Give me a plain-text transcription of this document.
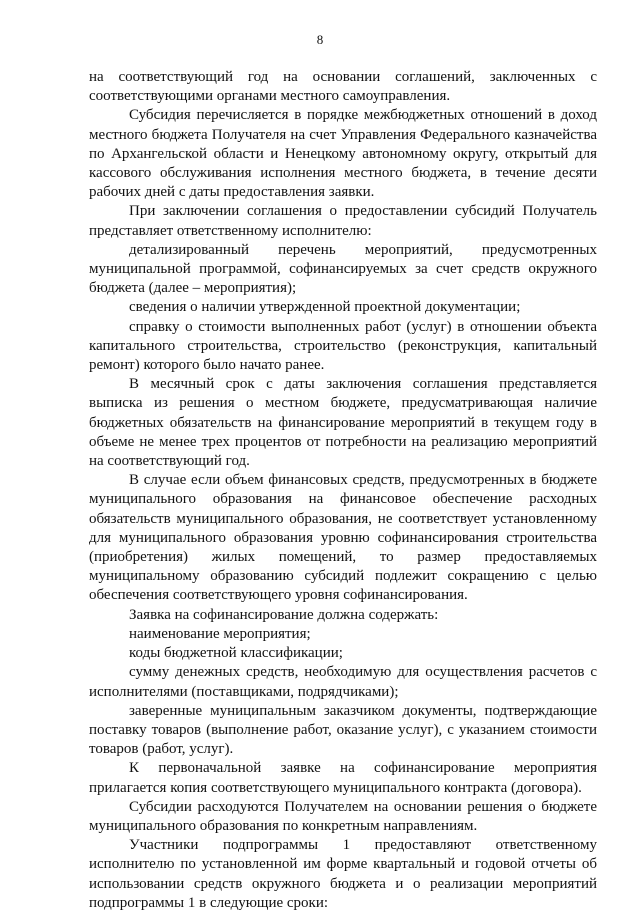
8

на соответствующий год на основании соглашений, заключенных с соответствующими органами местного самоуправления.

Субсидия перечисляется в порядке межбюджетных отношений в доход местного бюджета Получателя на счет Управления Федерального казначейства по Архангельской области и Ненецкому автономному округу, открытый для кассового обслуживания исполнения местного бюджета, в течение десяти рабочих дней с даты предоставления заявки.

При заключении соглашения о предоставлении субсидий Получатель представляет ответственному исполнителю:

детализированный перечень мероприятий, предусмотренных муниципальной программой, софинансируемых за счет средств окружного бюджета (далее – мероприятия);

сведения о наличии утвержденной проектной документации;

справку о стоимости выполненных работ (услуг) в отношении объекта капитального строительства, строительство (реконструкция, капитальный ремонт) которого было начато ранее.

В месячный срок с даты заключения соглашения представляется выписка из решения о местном бюджете, предусматривающая наличие бюджетных обязательств на финансирование мероприятий в текущем году в объеме не менее трех процентов от потребности на реализацию мероприятий на соответствующий год.

В случае если объем финансовых средств, предусмотренных в бюджете муниципального образования на финансовое обеспечение расходных обязательств муниципального образования, не соответствует установленному для муниципального образования уровню софинансирования строительства (приобретения) жилых помещений, то размер предоставляемых муниципальному образованию субсидий подлежит сокращению с целью обеспечения соответствующего уровня софинансирования.

Заявка на софинансирование должна содержать:

наименование мероприятия;

коды бюджетной классификации;

сумму денежных средств, необходимую для осуществления расчетов с исполнителями (поставщиками, подрядчиками);

заверенные муниципальным заказчиком документы, подтверждающие поставку товаров (выполнение работ, оказание услуг), с указанием стоимости товаров (работ, услуг).

К первоначальной заявке на софинансирование мероприятия прилагается копия соответствующего муниципального контракта (договора).

Субсидии расходуются Получателем на основании решения о бюджете муниципального образования по конкретным направлениям.

Участники подпрограммы 1 предоставляют ответственному исполнителю по установленной им форме квартальный и годовой отчеты об использовании средств окружного бюджета и о реализации мероприятий подпрограммы 1 в следующие сроки:
